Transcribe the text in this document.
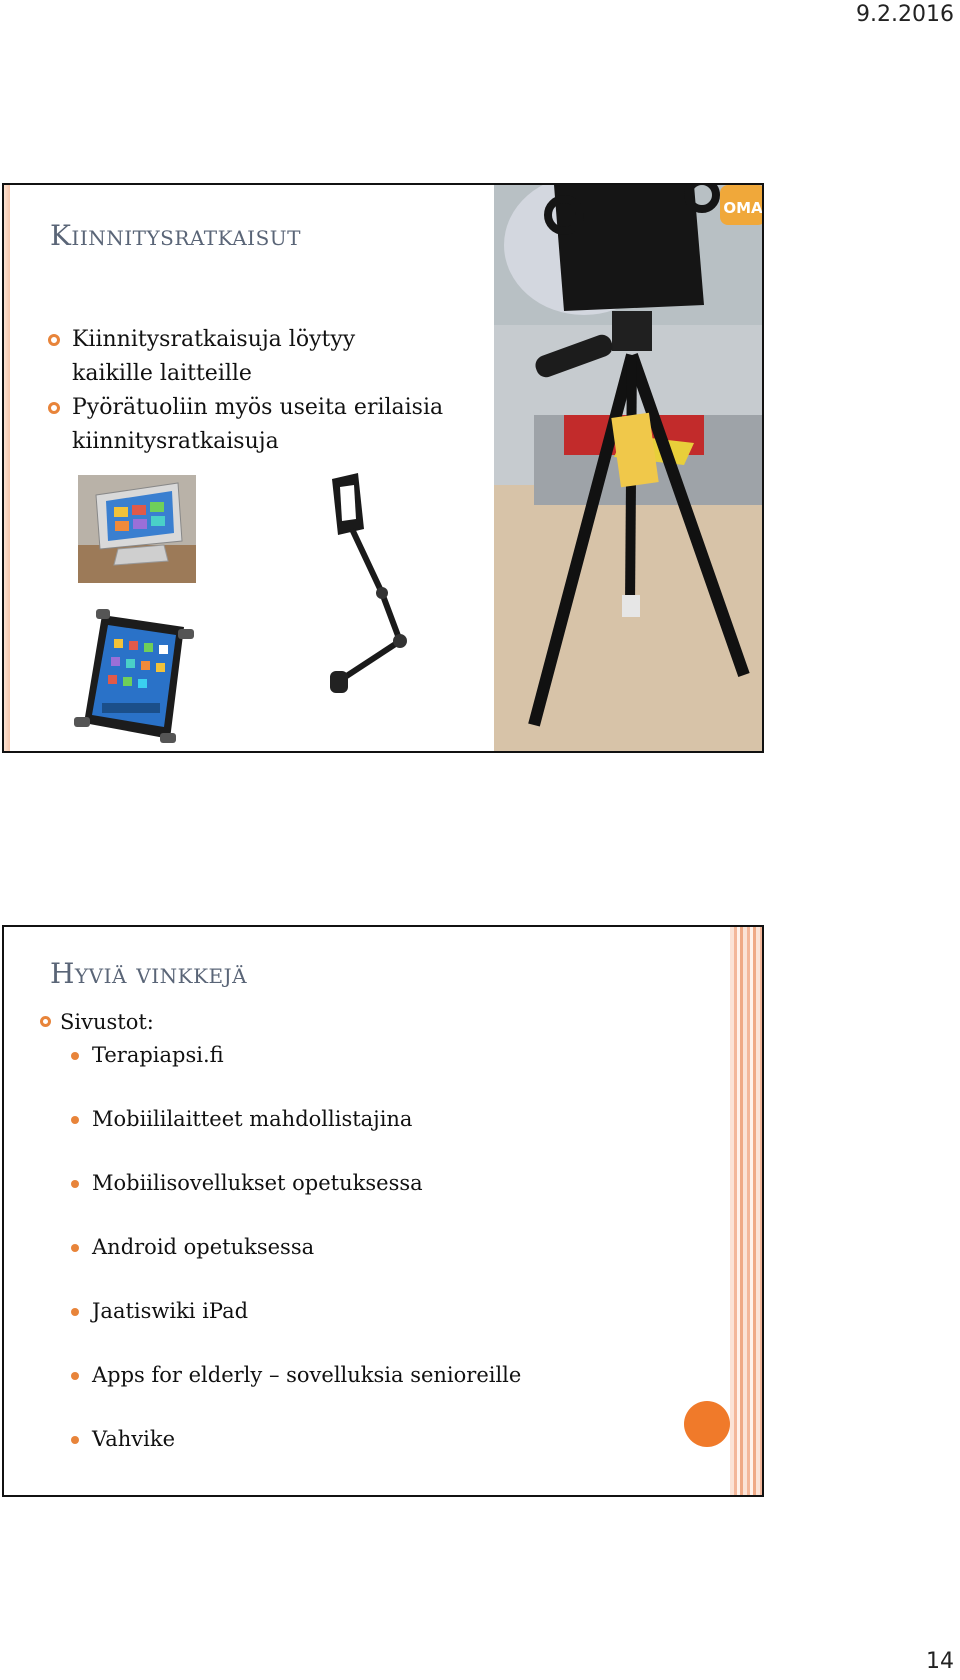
9.2.2016
Kiinnitysratkaisut
Kiinnitysratkaisuja löytyy
kaikille laitteille
Pyörätuoliin myös useita erilaisia
kiinnitysratkaisuja
OMA
Hyviä vinkkejä
Sivustot:
Terapiapsi.fi
Mobiililaitteet mahdollistajina
Mobiilisovellukset opetuksessa
Android opetuksessa
Jaatiswiki iPad
Apps for elderly – sovelluksia senioreille
Vahvike
14
